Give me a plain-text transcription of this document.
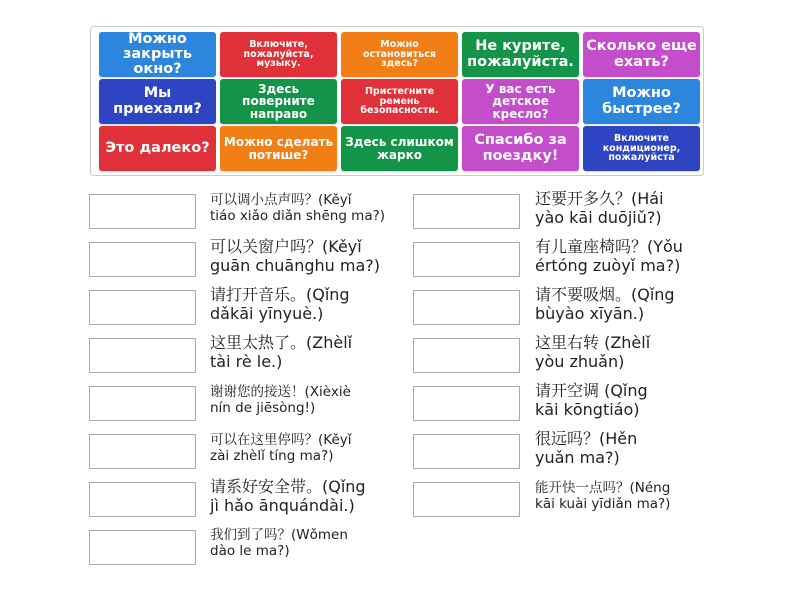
Можно закрыть окно?
Включите, пожалуйста, музыку.
Можно остановиться здесь?
Не курите, пожалуйста.
Сколько еще ехать?
Мы приехали?
Здесь поверните направо
Пристегните ремень безопасности.
У вас есть детское кресло?
Можно быстрее?
Это далеко?	Можно сделать потише?
Здесь слишком жарко
Спасибо за поездку!
Включите кондиционер, пожалуйста
可以调小点声吗？(Kěyǐ
tiáo xiǎo diǎn shēng ma?)
可以关窗户吗？(Kěyǐ
guān chuānghu ma?)
请打开音乐。(Qǐng
dǎkāi yīnyuè.)
这里太热了。(Zhèlǐ
tài rè le.)
谢谢您的接送！(Xièxiè
nín de jiēsòng!)
可以在这里停吗？(Kěyǐ
zài zhèlǐ tíng ma?)
请系好安全带。(Qǐng
jì hǎo ānquándài.)
我们到了吗？(Wǒmen
dào le ma?)
还要开多久？(Hái
yào kāi duōjiǔ?)
有儿童座椅吗？(Yǒu
értóng zuòyǐ ma?)
请不要吸烟。(Qǐng
bùyào xīyān.)
这里右转 (Zhèlǐ
yòu zhuǎn)
请开空调 (Qǐng
kāi kōngtiáo)
很远吗？(Hěn
yuǎn ma?)
能开快一点吗？(Néng
kāi kuài yīdiǎn ma?)
